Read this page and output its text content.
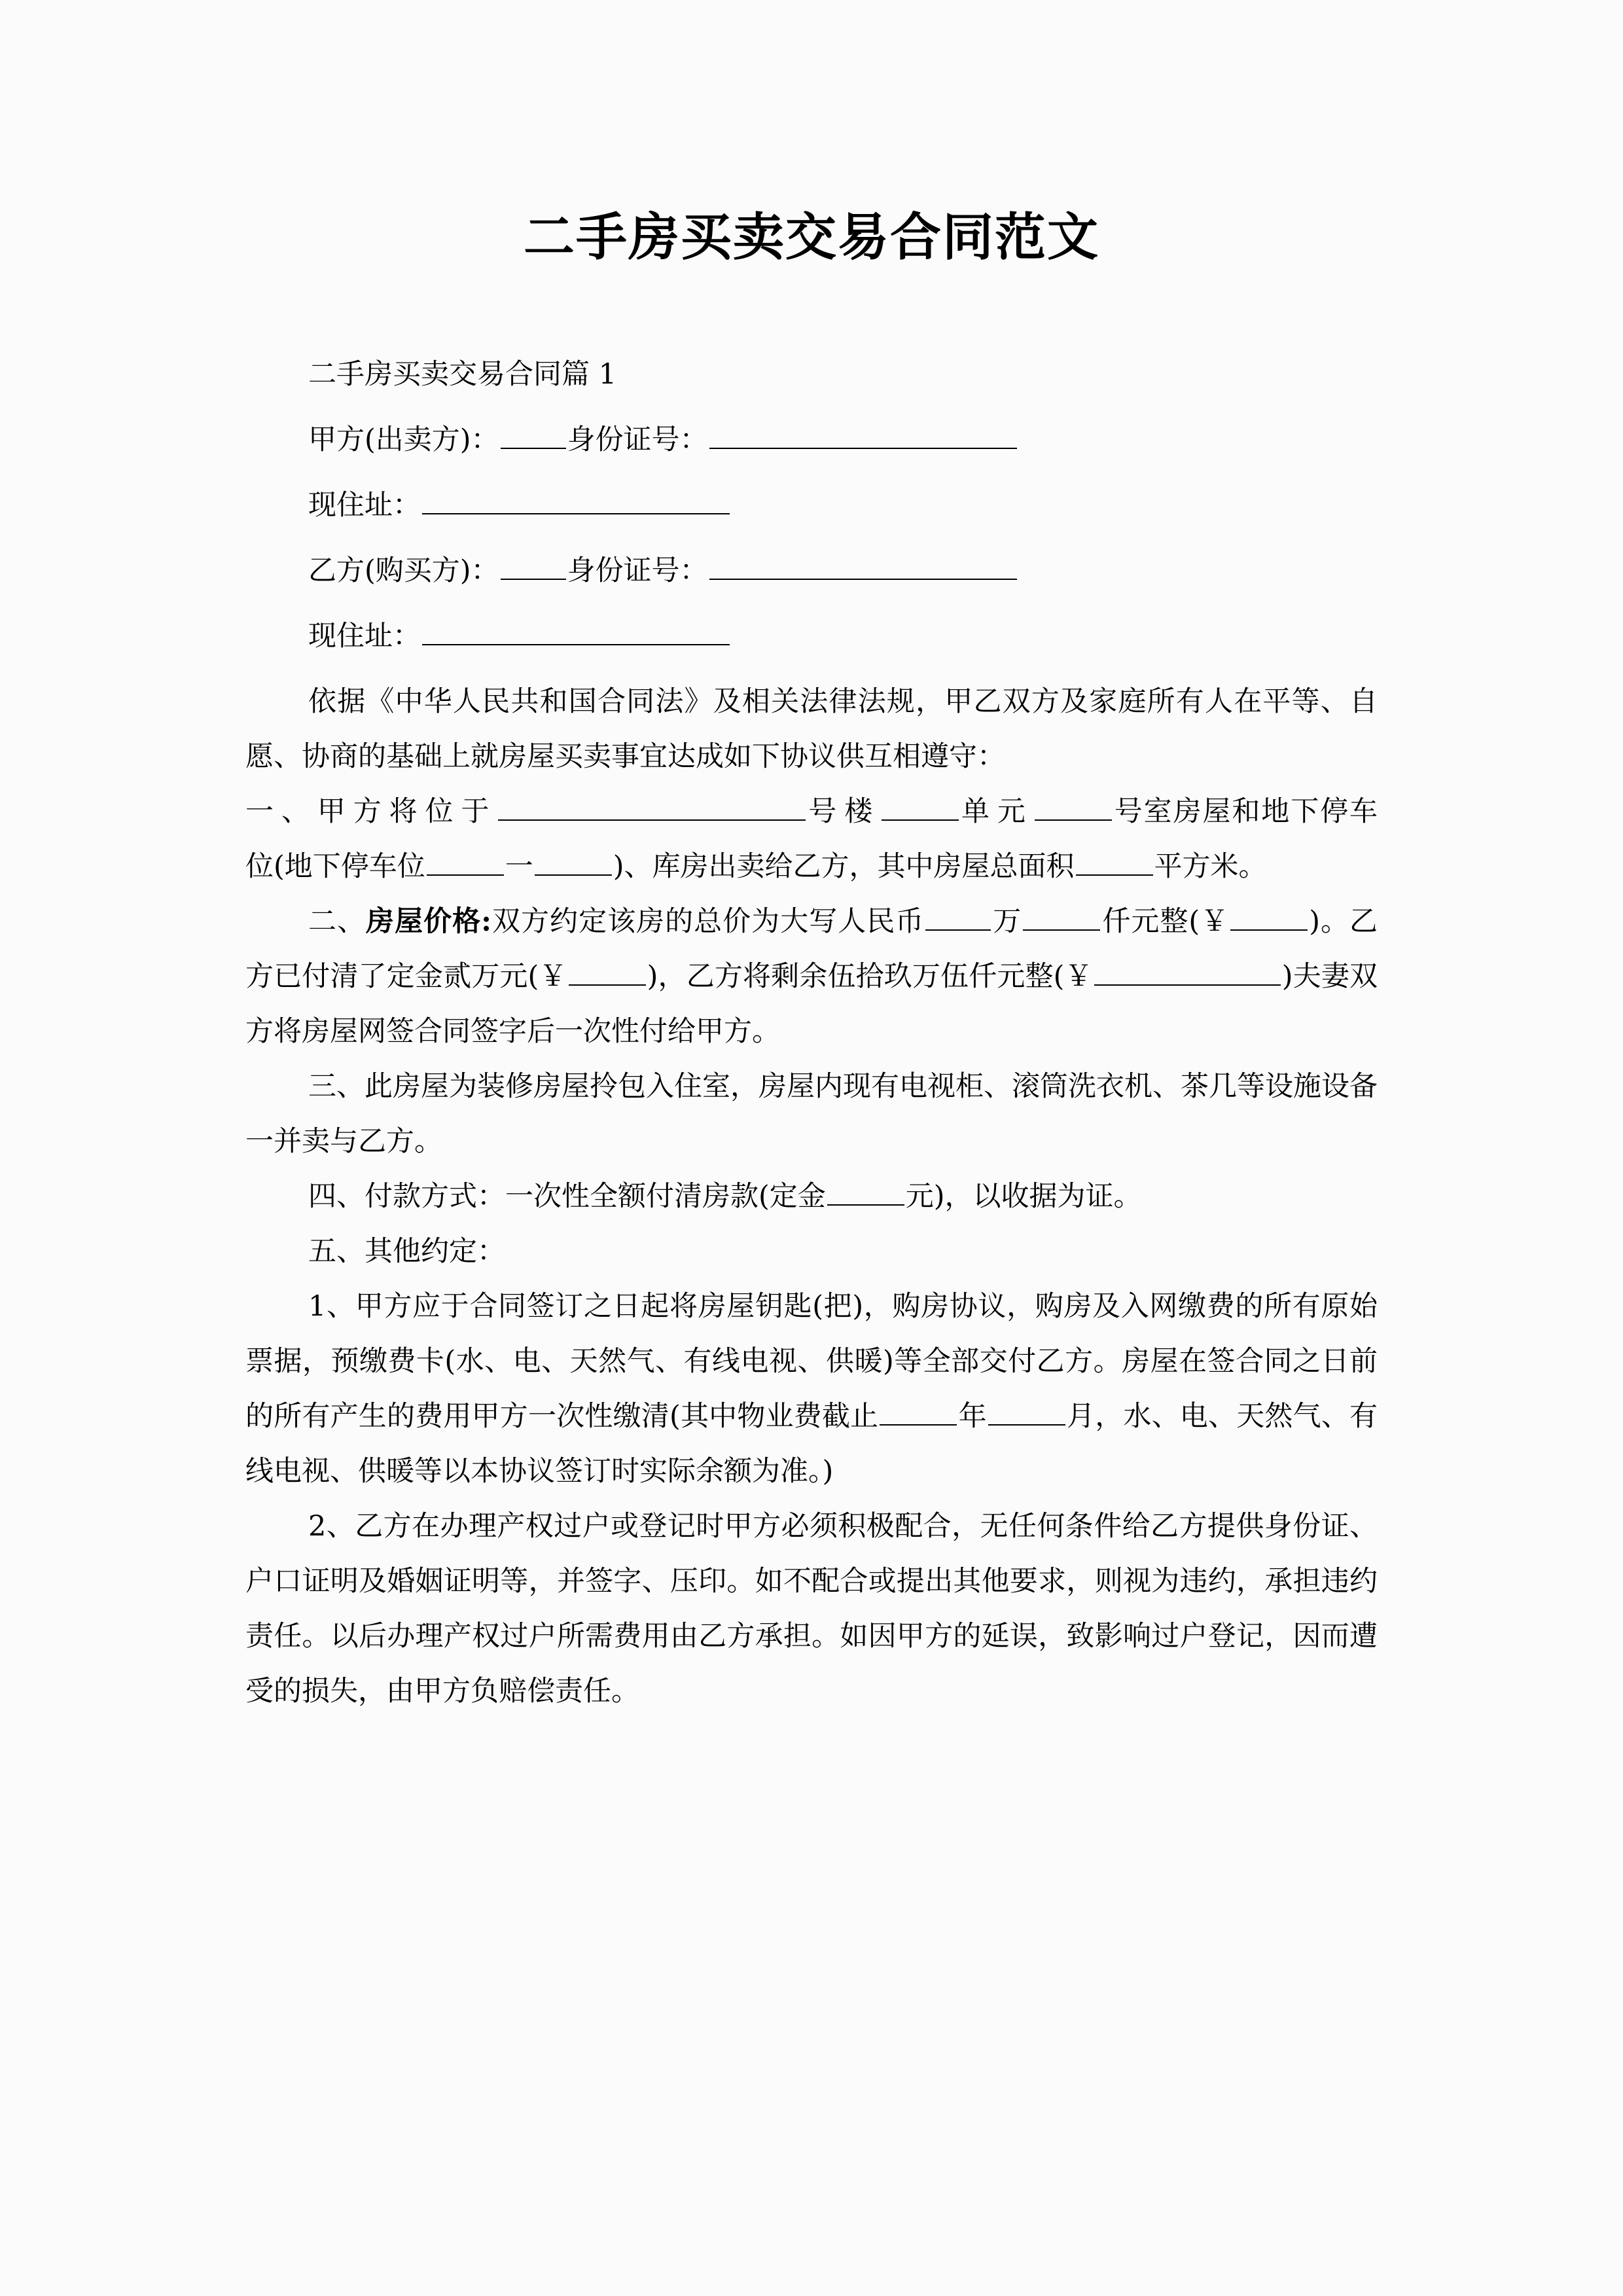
二手房买卖交易合同范文

二手房买卖交易合同篇 1

甲方(出卖方)： 身份证号：

现住址：

乙方(购买方)： 身份证号：

现住址：

依据《中华人民共和国合同法》及相关法律法规，甲乙双方及家庭所有人在平等、自愿、协商的基础上就房屋买卖事宜达成如下协议供互相遵守：

一、甲方将位于	号楼	单元	号室房屋和地下停车位(地下停车位	一	)、库房出卖给乙方，其中房屋总面积	平方米。

二、房屋价格:双方约定该房的总价为大写人民币 万	仟元整(￥	)。乙方已付清了定金贰万元(￥	)，乙方将剩余伍拾玖万伍仟元整(￥	)夫妻双方将房屋网签合同签字后一次性付给甲方。

三、此房屋为装修房屋拎包入住室，房屋内现有电视柜、滚筒洗衣机、茶几等设施设备一并卖与乙方。

四、付款方式：一次性全额付清房款(定金	元)，以收据为证。

五、其他约定：

1、甲方应于合同签订之日起将房屋钥匙(把)，购房协议，购房及入网缴费的所有原始票据，预缴费卡(水、电、天然气、有线电视、供暖)等全部交付乙方。房屋在签合同之日前的所有产生的费用甲方一次性缴清(其中物业费截止	年	月，水、电、天然气、有线电视、供暖等以本协议签订时实际余额为准。)

2、乙方在办理产权过户或登记时甲方必须积极配合，无任何条件给乙方提供身份证、户口证明及婚姻证明等，并签字、压印。如不配合或提出其他要求，则视为违约，承担违约责任。以后办理产权过户所需费用由乙方承担。如因甲方的延误，致影响过户登记，因而遭受的损失，由甲方负赔偿责任。
